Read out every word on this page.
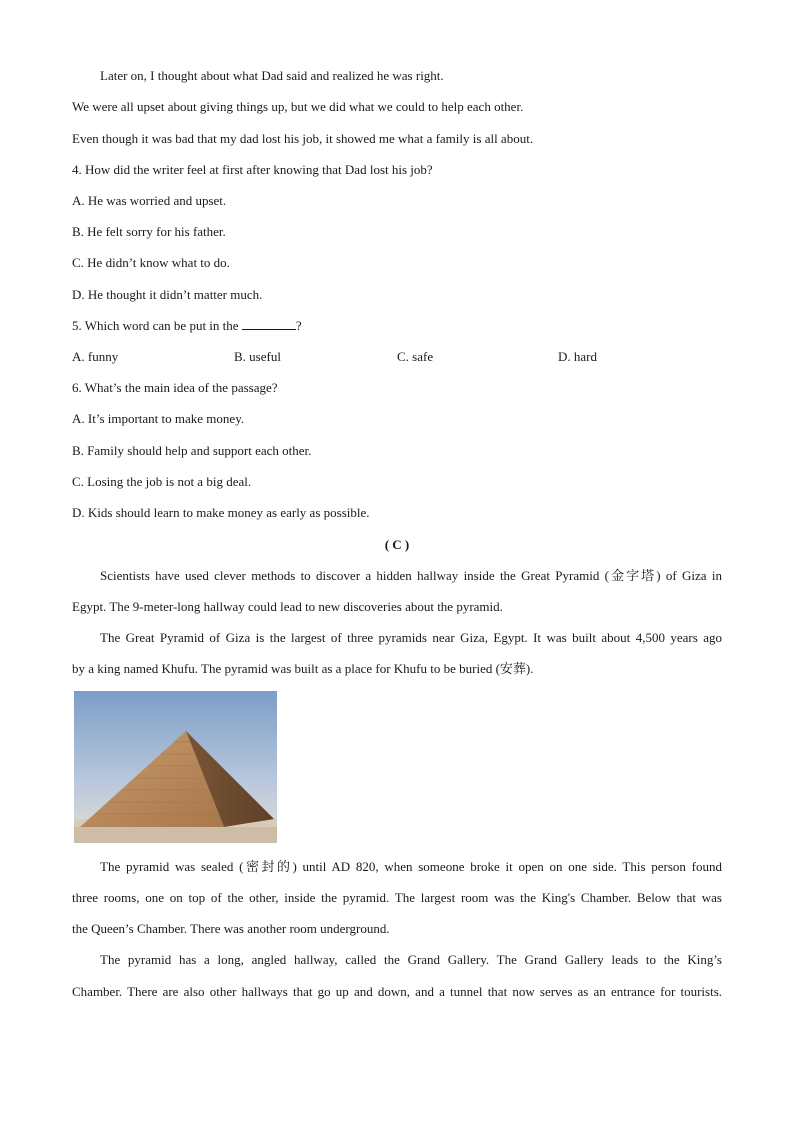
Later on, I thought about what Dad said and realized he was right.
We were all upset about giving things up, but we did what we could to help each other.
Even though it was bad that my dad lost his job, it showed me what a family is all about.
4. How did the writer feel at first after knowing that Dad lost his job?
A. He was worried and upset.
B. He felt sorry for his father.
C. He didn’t know what to do.
D. He thought it didn’t matter much.
5. Which word can be put in the	?
A. funny	B. useful	C. safe	D. hard
6. What’s the main idea of the passage?
A. It’s important to make money.
B. Family should help and support each other.
C. Losing the job is not a big deal.
D. Kids should learn to make money as early as possible.
( C )
Scientists have used clever methods to discover a hidden hallway inside the Great Pyramid (金字塔) of Giza in
Egypt. The 9-meter-long hallway could lead to new discoveries about the pyramid.
The Great Pyramid of Giza is the largest of three pyramids near Giza, Egypt. It was built about 4,500 years ago
by a king named Khufu. The pyramid was built as a place for Khufu to be buried (安葬).
The pyramid was sealed (密封的) until AD 820, when someone broke it open on one side. This person found
three rooms, one on top of the other, inside the pyramid. The largest room was the King's Chamber. Below that was
the Queen’s Chamber. There was another room underground.
The pyramid has a long, angled hallway, called the Grand Gallery. The Grand Gallery leads to the King’s
Chamber. There are also other hallways that go up and down, and a tunnel that now serves as an entrance for tourists.
